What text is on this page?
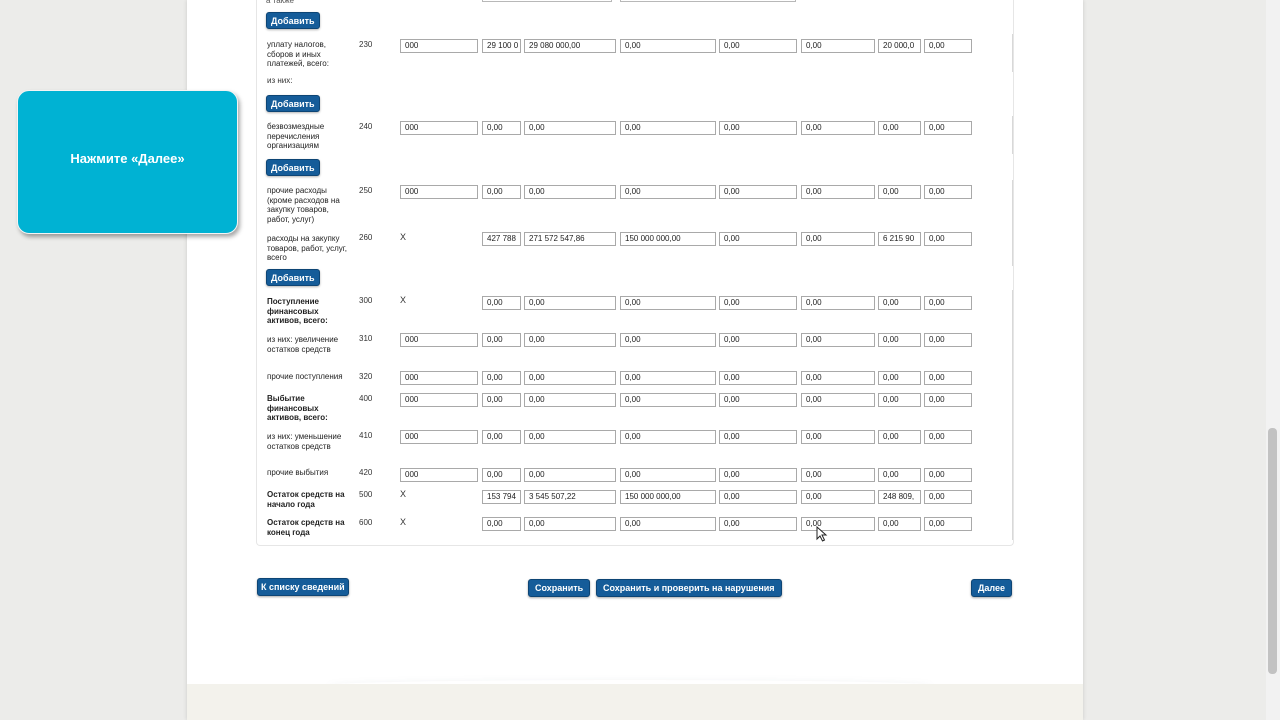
а также
Добавить
Добавить
Добавить
Добавить
из них:
уплату налогов, сборов и иных платежей, всего:
230	000	29 100 0	29 080 000,00	0,00	0,00	0,00	20 000,0	0,00
безвозмездные перечисления организациям
240	000	0,00	0,00	0,00	0,00	0,00	0,00	0,00
прочие расходы (кроме расходов на закупку товаров, работ, услуг)
250	000	0,00	0,00	0,00	0,00	0,00	0,00	0,00
расходы на закупку товаров, работ, услуг, всего
260	X	427 788	271 572 547,86	150 000 000,00	0,00	0,00	6 215 90	0,00
Поступление финансовых активов, всего:
300	X	0,00	0,00	0,00	0,00	0,00	0,00	0,00
из них: увеличение остатков средств
310	000	0,00	0,00	0,00	0,00	0,00	0,00	0,00
прочие поступления	320	000	0,00	0,00	0,00	0,00	0,00	0,00	0,00
Выбытие финансовых активов, всего:
400	000	0,00	0,00	0,00	0,00	0,00	0,00	0,00
из них: уменьшение остатков средств
410	000	0,00	0,00	0,00	0,00	0,00	0,00	0,00
прочие выбытия	420	000	0,00	0,00	0,00	0,00	0,00	0,00	0,00
Остаток средств на начало года
500	X	153 794	3 545 507,22	150 000 000,00	0,00	0,00	248 809,	0,00
Остаток средств на конец года
600	X	0,00	0,00	0,00	0,00	0,00	0,00	0,00
К списку сведений	Сохранить	Сохранить и проверить на нарушения	Далее
Нажмите «Далее»
